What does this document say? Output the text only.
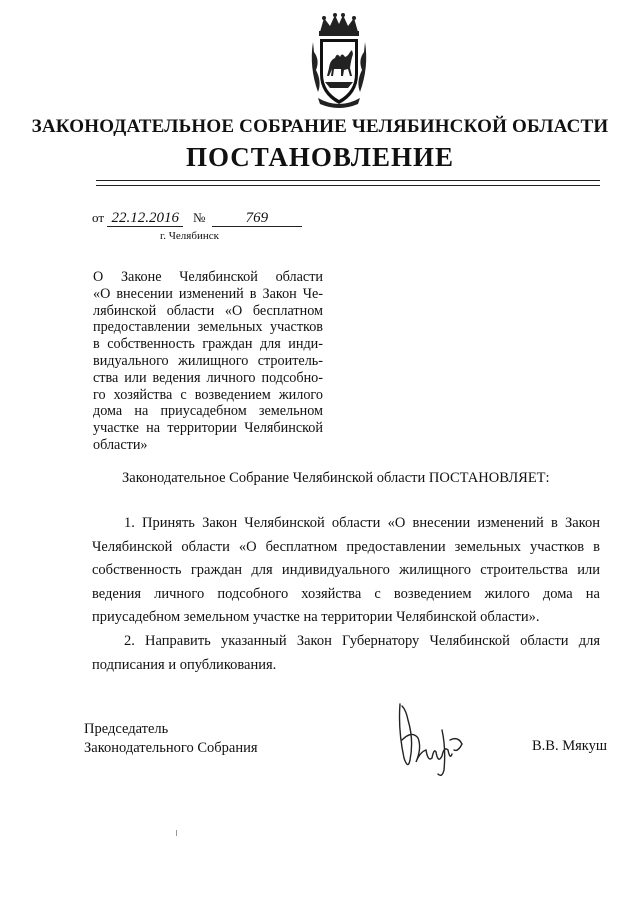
ЗАКОНОДАТЕЛЬНОЕ СОБРАНИЕ ЧЕЛЯБИНСКОЙ ОБЛАСТИ
ПОСТАНОВЛЕНИЕ
от 22.12.2016 №	769
г. Челябинск
О Законе Челябинской области
«О внесении изменений в Закон Че-
лябинской области «О бесплатном
предоставлении земельных участков
в собственность граждан для инди-
видуального жилищного строитель-
ства или ведения личного подсобно-
го хозяйства с возведением жилого
дома на приусадебном земельном
участке на территории Челябинской
области»
Законодательное Собрание Челябинской области ПОСТАНОВЛЯЕТ:

1. Принять Закон Челябинской области «О внесении изменений в Закон Челябинской области «О бесплатном предоставлении земельных участков в собственность граждан для индивидуального жилищного строительства или ведения личного подсобного хозяйства с возведением жилого дома на приусадебном земельном участке на территории Челябинской области».

2. Направить указанный Закон Губернатору Челябинской области для подписания и опубликования.

Председатель
Законодательного Собрания	В.В. Мякуш
